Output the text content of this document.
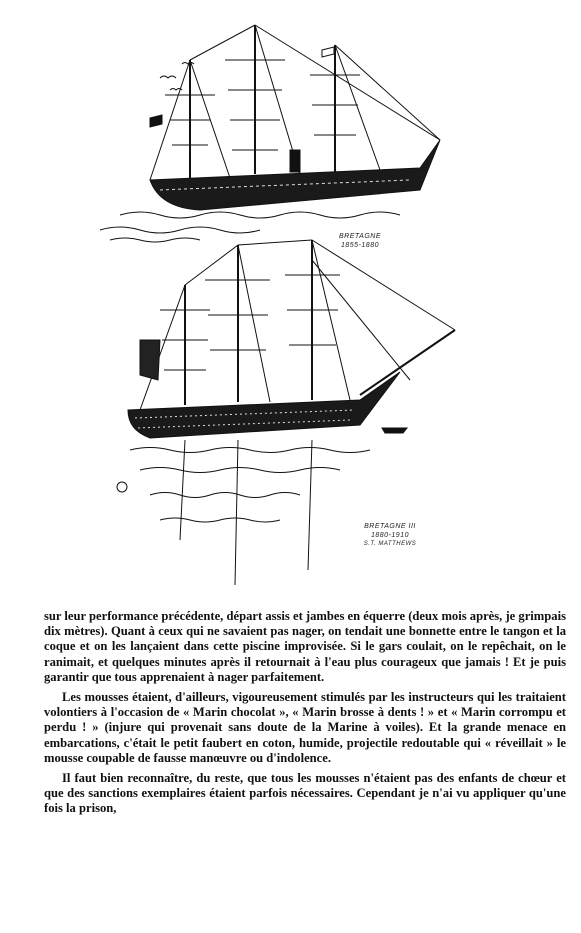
BRETAGNE
1855-1880
BRETAGNE III
1880-1910
S.T. MATTHEWS

sur leur performance précédente, départ assis et jambes en équerre (deux mois après, je grimpais dix mètres). Quant à ceux qui ne savaient pas nager, on tendait une bonnette entre le tangon et la coque et on les lançaient dans cette piscine improvisée. Si le gars coulait, on le repêchait, on le ranimait, et quelques minutes après il retournait à l'eau plus courageux que jamais ! Et je puis garantir que tous apprenaient à nager parfaitement.

Les mousses étaient, d'ailleurs, vigoureusement stimulés par les instructeurs qui les traitaient volontiers à l'occasion de « Marin chocolat », « Marin brosse à dents ! » et « Marin corrompu et perdu ! » (injure qui provenait sans doute de la Marine à voiles). Et la grande menace en embarcations, c'était le petit faubert en coton, humide, projectile redoutable qui « réveillait » le mousse coupable de fausse manœuvre ou d'indolence.

Il faut bien reconnaître, du reste, que tous les mousses n'étaient pas des enfants de chœur et que des sanctions exemplaires étaient parfois nécessaires. Cependant je n'ai vu appliquer qu'une fois la prison,
